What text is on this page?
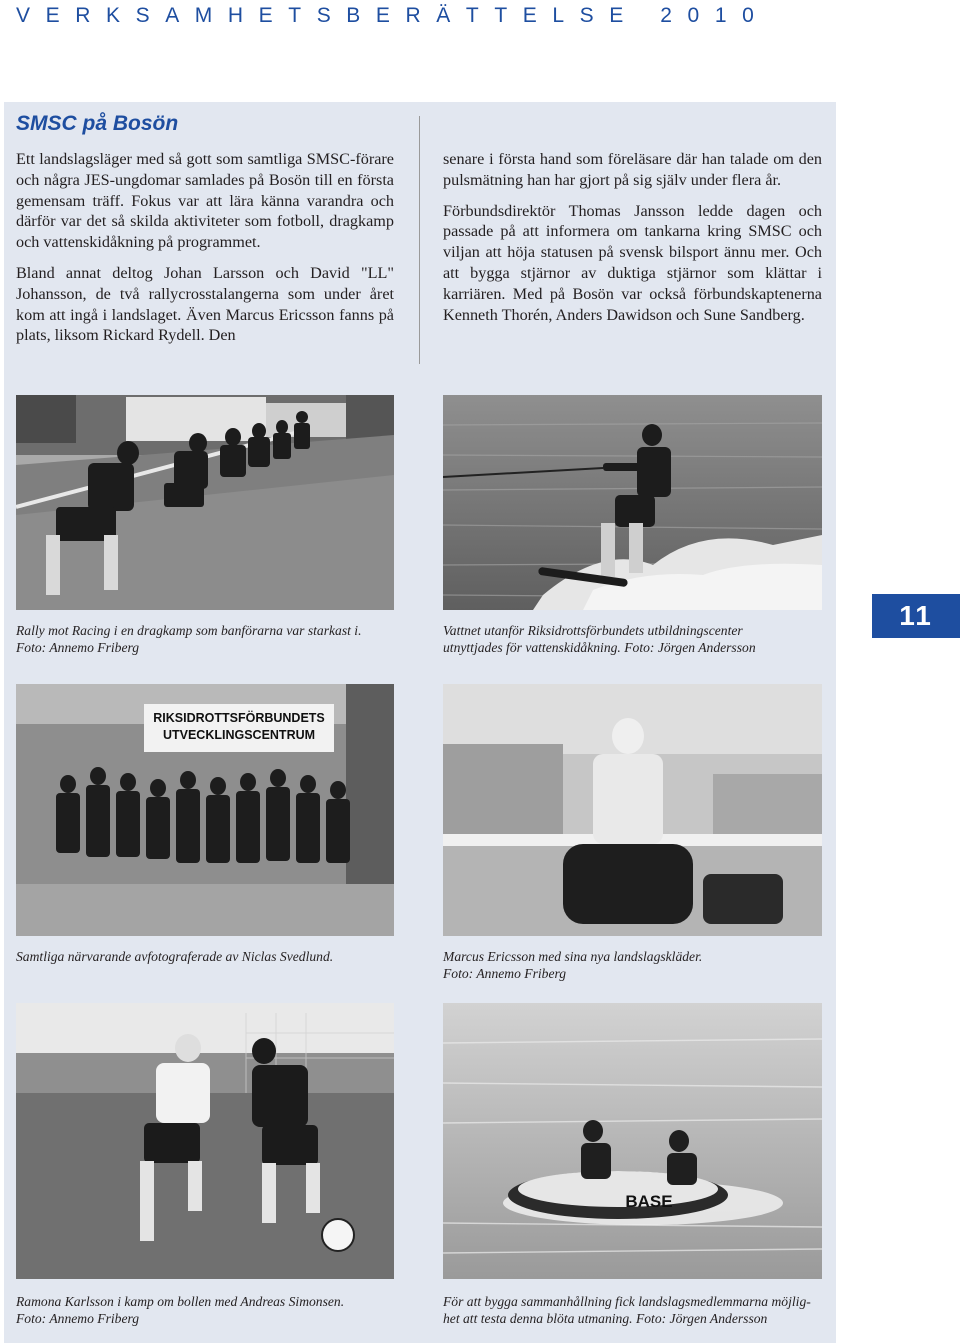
VERKSAMHETSBERÄTTELSE 2010
SMSC på Bosön

Ett landslagsläger med så gott som samtliga SMSC-förare och några JES-ungdomar samlades på Bosön till en första gemensam träff. Fokus var att lära känna varandra och därför var det så skilda aktiviteter som fotboll, dragkamp och vattenskidåkning på programmet.

Bland annat deltog Johan Larsson och David "LL" Johansson, de två rallycrosstalangerna som under året kom att ingå i landslaget. Även Marcus Ericsson fanns på plats, liksom Rickard Rydell. Den

senare i första hand som föreläsare där han talade om den pulsmätning han har gjort på sig själv under flera år.

Förbundsdirektör Thomas Jansson ledde dagen och passade på att informera om tankarna kring SMSC och viljan att höja statusen på svensk bilsport ännu mer. Och att bygga stjärnor av duktiga stjärnor som klättar i karriären. Med på Bosön var också förbundskaptenerna Kenneth Thorén, Anders Dawidson och Sune Sandberg.

Rally mot Racing i en dragkamp som banförarna var starkast i.
Foto: Annemo Friberg
Vattnet utanför Riksidrottsförbundets utbildningscenter
utnyttjades för vattenskidåkning. Foto: Jörgen Andersson
11
RIKSIDROTTSFÖRBUNDETS
UTVECKLINGSCENTRUM
Samtliga närvarande avfotograferade av Niclas Svedlund.	Marcus Ericsson med sina nya landslagskläder.
Foto: Annemo Friberg
BASE
Ramona Karlsson i kamp om bollen med Andreas Simonsen.
Foto: Annemo Friberg
För att bygga sammanhållning fick landslagsmedlemmarna möjlig-
het att testa denna blöta utmaning. Foto: Jörgen Andersson
